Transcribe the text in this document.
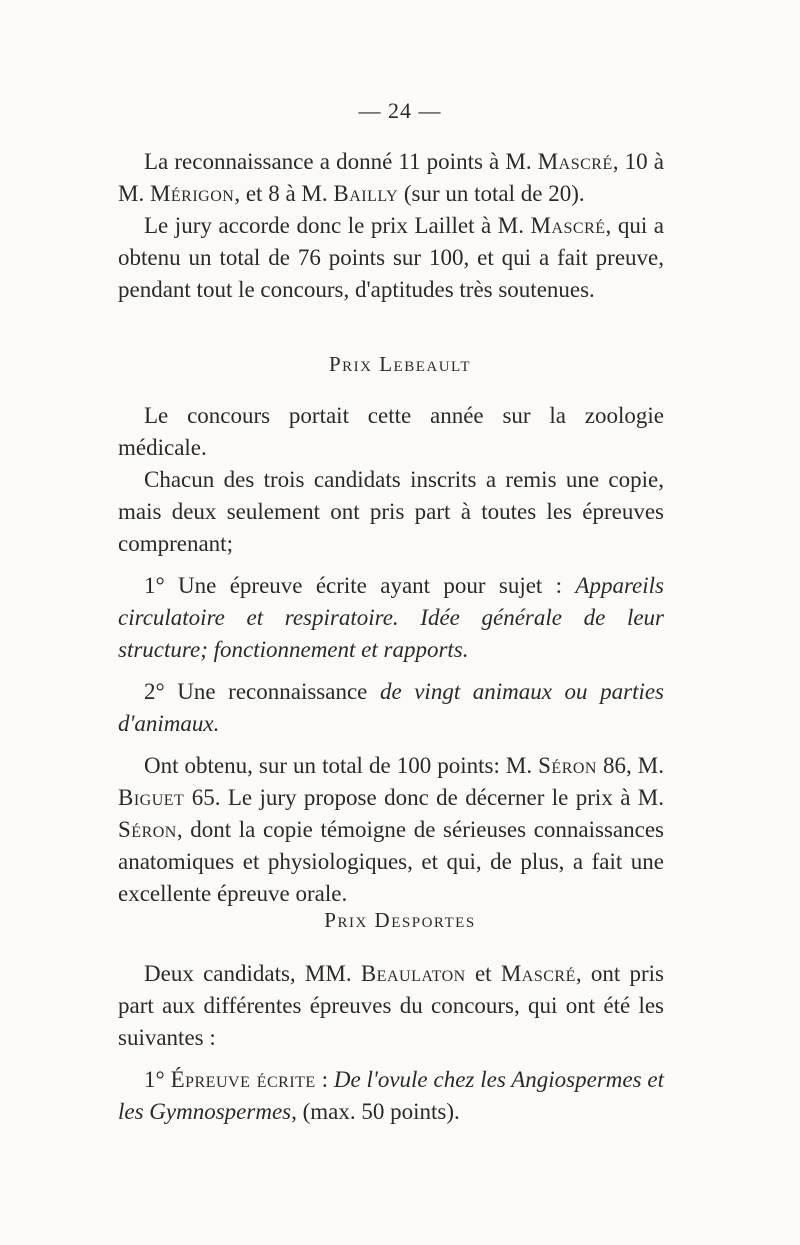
— 24 —

La reconnaissance a donné 11 points à M. Mascré, 10 à M. Mérigon, et 8 à M. Bailly (sur un total de 20).

Le jury accorde donc le prix Laillet à M. Mascré, qui a obtenu un total de 76 points sur 100, et qui a fait preuve, pendant tout le concours, d'aptitudes très soutenues.

Prix Lebeault

Le concours portait cette année sur la zoologie médicale.

Chacun des trois candidats inscrits a remis une copie, mais deux seulement ont pris part à toutes les épreuves comprenant;

1° Une épreuve écrite ayant pour sujet : Appareils circulatoire et respiratoire. Idée générale de leur structure; fonctionnement et rapports.

2° Une reconnaissance de vingt animaux ou parties d'animaux.

Ont obtenu, sur un total de 100 points: M. Séron 86, M. Biguet 65. Le jury propose donc de décerner le prix à M. Séron, dont la copie témoigne de sérieuses connaissances anatomiques et physiologiques, et qui, de plus, a fait une excellente épreuve orale.

Prix Desportes

Deux candidats, MM. Beaulaton et Mascré, ont pris part aux différentes épreuves du concours, qui ont été les suivantes :

1° Épreuve écrite : De l'ovule chez les Angiospermes et les Gymnospermes, (max. 50 points).
